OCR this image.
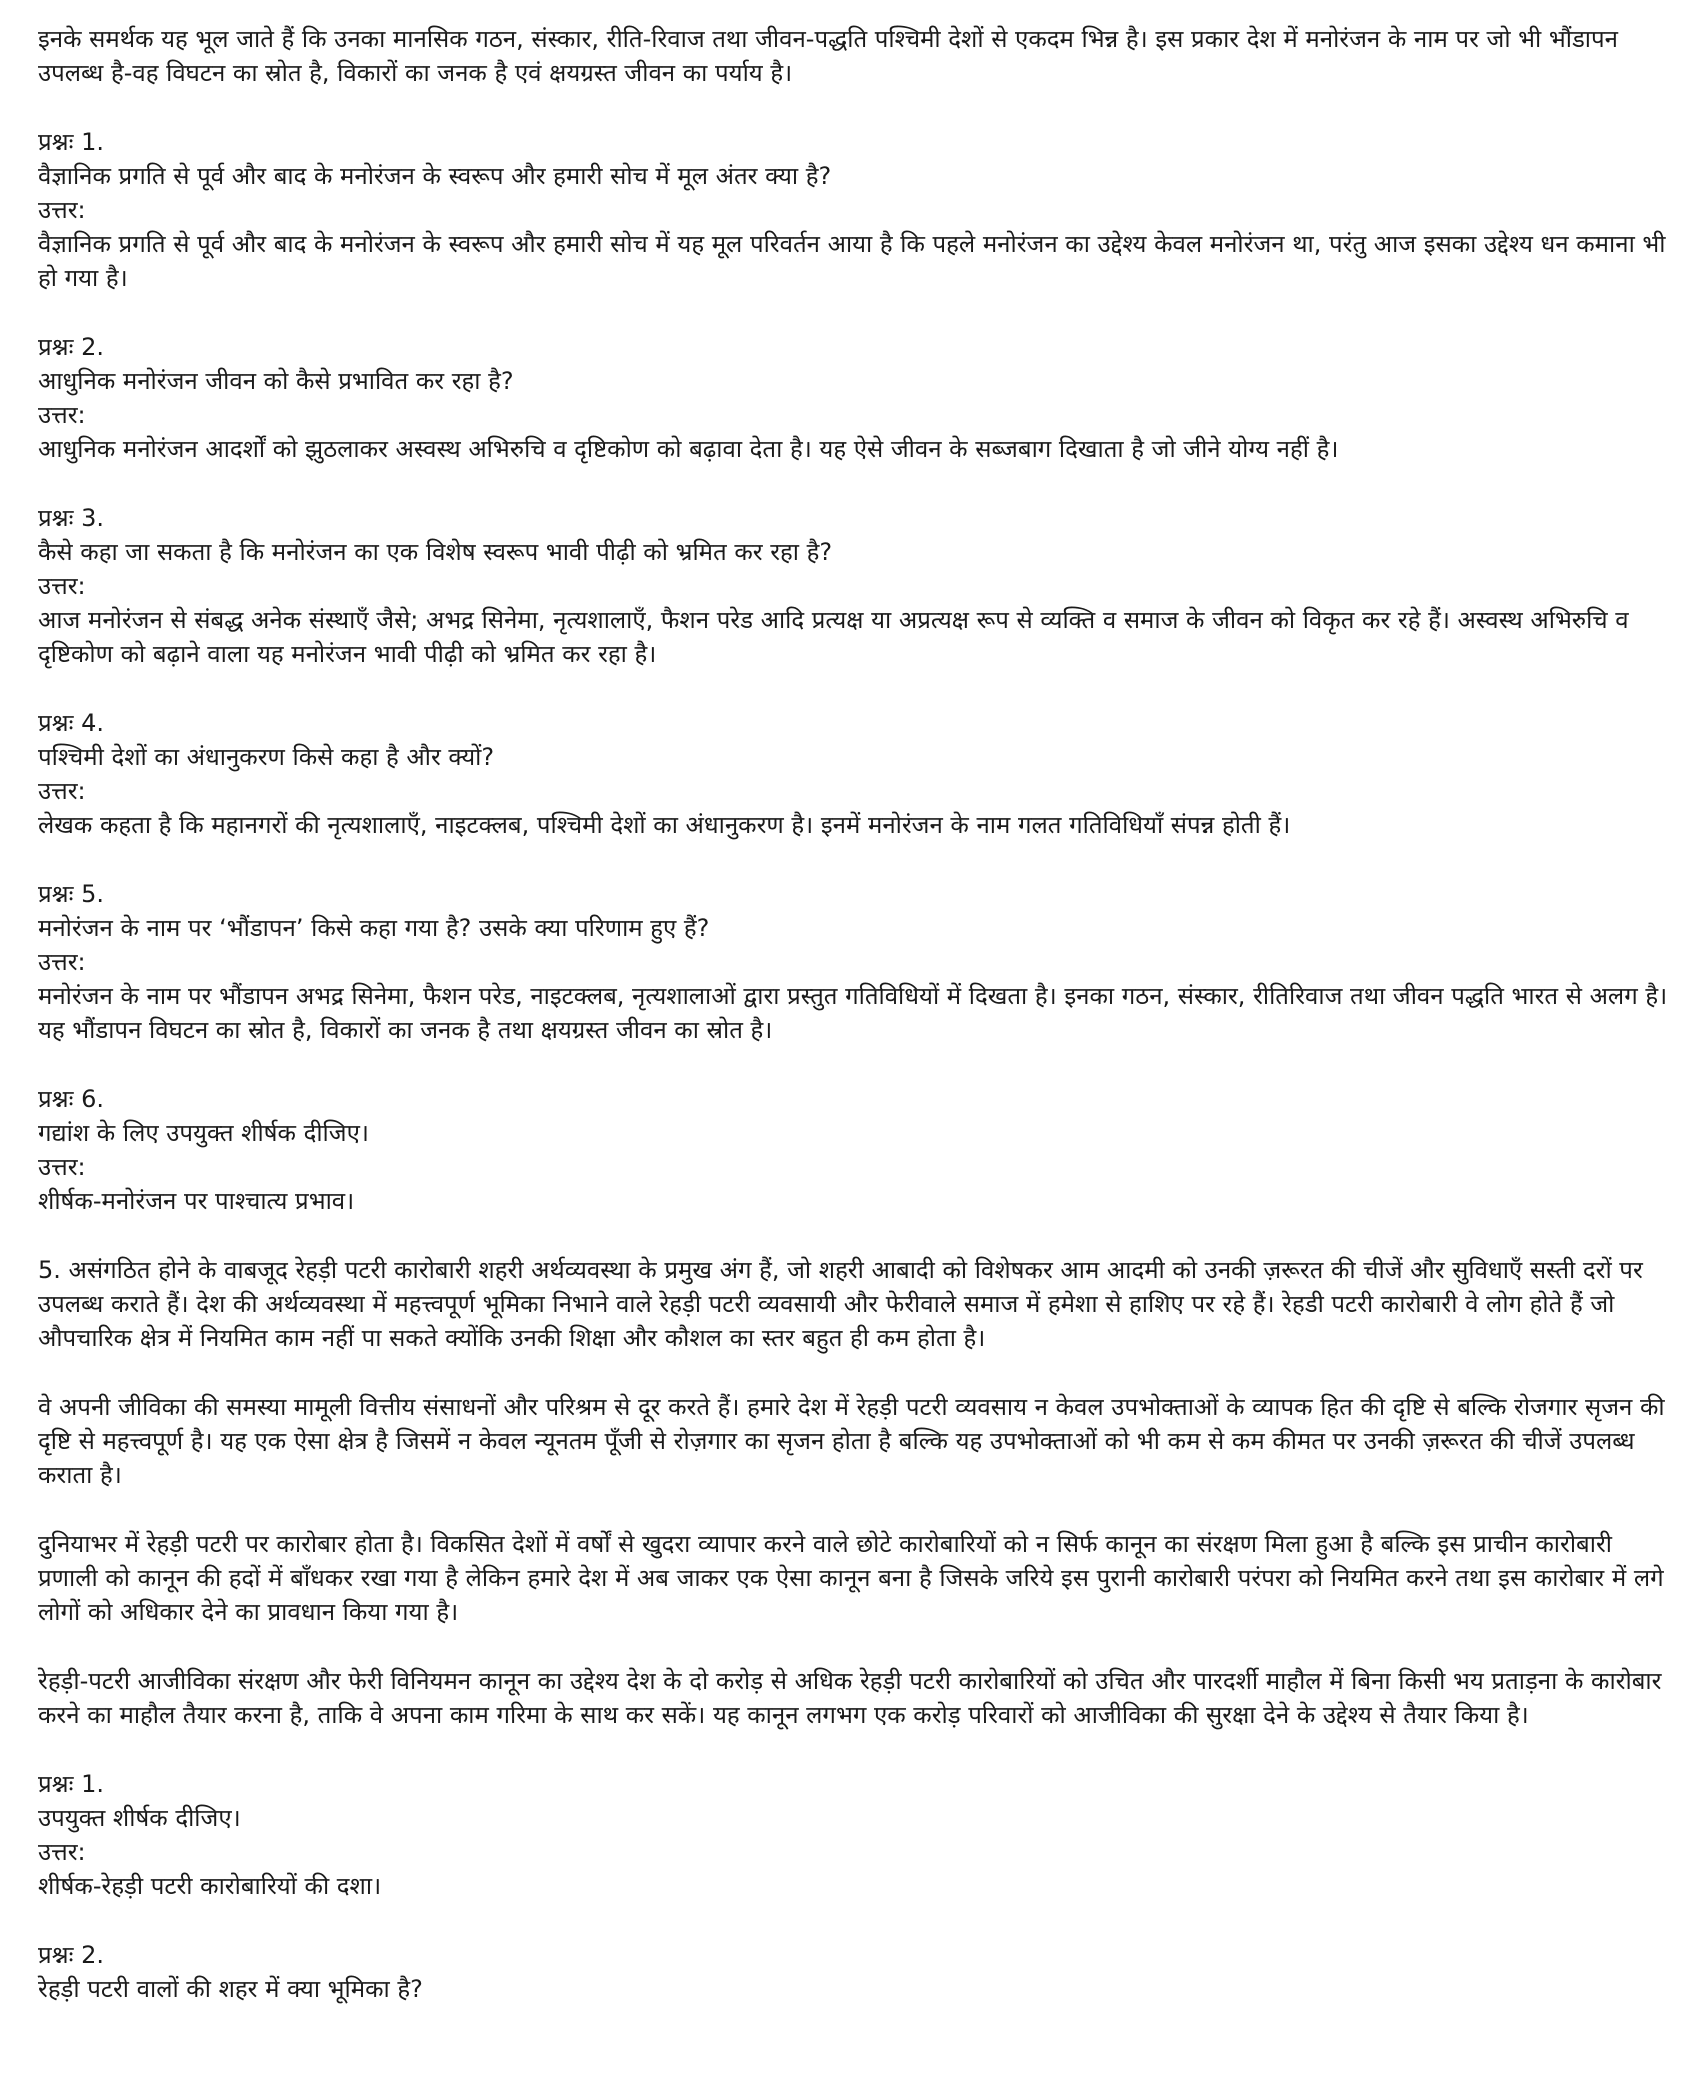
इनके समर्थक यह भूल जाते हैं कि उनका मानसिक गठन, संस्कार, रीति-रिवाज तथा जीवन-पद्धति पश्चिमी देशों से एकदम भिन्न है। इस प्रकार देश में मनोरंजन के नाम पर जो भी भौंडापन उपलब्ध है-वह विघटन का स्रोत है, विकारों का जनक है एवं क्षयग्रस्त जीवन का पर्याय है।

प्रश्नः 1.

वैज्ञानिक प्रगति से पूर्व और बाद के मनोरंजन के स्वरूप और हमारी सोच में मूल अंतर क्या है?

उत्तर:

वैज्ञानिक प्रगति से पूर्व और बाद के मनोरंजन के स्वरूप और हमारी सोच में यह मूल परिवर्तन आया है कि पहले मनोरंजन का उद्देश्य केवल मनोरंजन था, परंतु आज इसका उद्देश्य धन कमाना भी हो गया है।

प्रश्नः 2.

आधुनिक मनोरंजन जीवन को कैसे प्रभावित कर रहा है?

उत्तर:

आधुनिक मनोरंजन आदर्शों को झुठलाकर अस्वस्थ अभिरुचि व दृष्टिकोण को बढ़ावा देता है। यह ऐसे जीवन के सब्जबाग दिखाता है जो जीने योग्य नहीं है।

प्रश्नः 3.

कैसे कहा जा सकता है कि मनोरंजन का एक विशेष स्वरूप भावी पीढ़ी को भ्रमित कर रहा है?

उत्तर:

आज मनोरंजन से संबद्ध अनेक संस्थाएँ जैसे; अभद्र सिनेमा, नृत्यशालाएँ, फैशन परेड आदि प्रत्यक्ष या अप्रत्यक्ष रूप से व्यक्ति व समाज के जीवन को विकृत कर रहे हैं। अस्वस्थ अभिरुचि व दृष्टिकोण को बढ़ाने वाला यह मनोरंजन भावी पीढ़ी को भ्रमित कर रहा है।

प्रश्नः 4.

पश्चिमी देशों का अंधानुकरण किसे कहा है और क्यों?

उत्तर:

लेखक कहता है कि महानगरों की नृत्यशालाएँ, नाइटक्लब, पश्चिमी देशों का अंधानुकरण है। इनमें मनोरंजन के नाम गलत गतिविधियाँ संपन्न होती हैं।

प्रश्नः 5.

मनोरंजन के नाम पर ‘भौंडापन’ किसे कहा गया है? उसके क्या परिणाम हुए हैं?

उत्तर:

मनोरंजन के नाम पर भौंडापन अभद्र सिनेमा, फैशन परेड, नाइटक्लब, नृत्यशालाओं द्वारा प्रस्तुत गतिविधियों में दिखता है। इनका गठन, संस्कार, रीतिरिवाज तथा जीवन पद्धति भारत से अलग है। यह भौंडापन विघटन का स्रोत है, विकारों का जनक है तथा क्षयग्रस्त जीवन का स्रोत है।

प्रश्नः 6.

गद्यांश के लिए उपयुक्त शीर्षक दीजिए।

उत्तर:

शीर्षक-मनोरंजन पर पाश्चात्य प्रभाव।

5. असंगठित होने के वाबजूद रेहड़ी पटरी कारोबारी शहरी अर्थव्यवस्था के प्रमुख अंग हैं, जो शहरी आबादी को विशेषकर आम आदमी को उनकी ज़रूरत की चीजें और सुविधाएँ सस्ती दरों पर उपलब्ध कराते हैं। देश की अर्थव्यवस्था में महत्त्वपूर्ण भूमिका निभाने वाले रेहड़ी पटरी व्यवसायी और फेरीवाले समाज में हमेशा से हाशिए पर रहे हैं। रेहडी पटरी कारोबारी वे लोग होते हैं जो औपचारिक क्षेत्र में नियमित काम नहीं पा सकते क्योंकि उनकी शिक्षा और कौशल का स्तर बहुत ही कम होता है।

वे अपनी जीविका की समस्या मामूली वित्तीय संसाधनों और परिश्रम से दूर करते हैं। हमारे देश में रेहड़ी पटरी व्यवसाय न केवल उपभोक्ताओं के व्यापक हित की दृष्टि से बल्कि रोजगार सृजन की दृष्टि से महत्त्वपूर्ण है। यह एक ऐसा क्षेत्र है जिसमें न केवल न्यूनतम पूँजी से रोज़गार का सृजन होता है बल्कि यह उपभोक्ताओं को भी कम से कम कीमत पर उनकी ज़रूरत की चीजें उपलब्ध कराता है।

दुनियाभर में रेहड़ी पटरी पर कारोबार होता है। विकसित देशों में वर्षों से खुदरा व्यापार करने वाले छोटे कारोबारियों को न सिर्फ कानून का संरक्षण मिला हुआ है बल्कि इस प्राचीन कारोबारी प्रणाली को कानून की हदों में बाँधकर रखा गया है लेकिन हमारे देश में अब जाकर एक ऐसा कानून बना है जिसके जरिये इस पुरानी कारोबारी परंपरा को नियमित करने तथा इस कारोबार में लगे लोगों को अधिकार देने का प्रावधान किया गया है।

रेहड़ी-पटरी आजीविका संरक्षण और फेरी विनियमन कानून का उद्देश्य देश के दो करोड़ से अधिक रेहड़ी पटरी कारोबारियों को उचित और पारदर्शी माहौल में बिना किसी भय प्रताड़ना के कारोबार करने का माहौल तैयार करना है, ताकि वे अपना काम गरिमा के साथ कर सकें। यह कानून लगभग एक करोड़ परिवारों को आजीविका की सुरक्षा देने के उद्देश्य से तैयार किया है।

प्रश्नः 1.

उपयुक्त शीर्षक दीजिए।

उत्तर:

शीर्षक-रेहड़ी पटरी कारोबारियों की दशा।

प्रश्नः 2.

रेहड़ी पटरी वालों की शहर में क्या भूमिका है?
